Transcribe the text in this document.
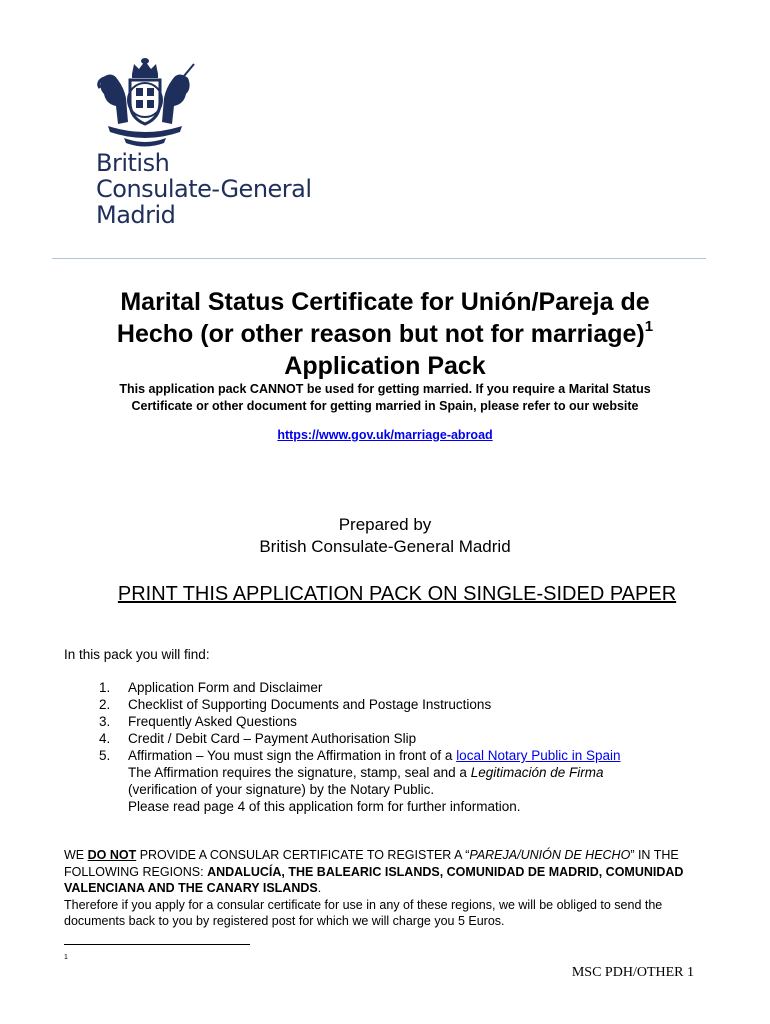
British
Consulate-General
Madrid
Marital Status Certificate for Unión/Pareja de
Hecho (or other reason but not for marriage)$^1$
Application Pack
This application pack CANNOT be used for getting married. If you require a Marital Status
Certificate or other document for getting married in Spain, please refer to our website
https://www.gov.uk/marriage-abroad
Prepared by
British Consulate-General Madrid
PRINT THIS APPLICATION PACK ON SINGLE-SIDED PAPER
In this pack you will find:
1. Application Form and Disclaimer
2. Checklist of Supporting Documents and Postage Instructions
3. Frequently Asked Questions
4. Credit / Debit Card – Payment Authorisation Slip
5. Affirmation – You must sign the Affirmation in front of a local Notary Public in Spain
The Affirmation requires the signature, stamp, seal and a Legitimación de Firma
(verification of your signature) by the Notary Public.
Please read page 4 of this application form for further information.
WE DO NOT PROVIDE A CONSULAR CERTIFICATE TO REGISTER A “PAREJA/UNIÓN DE HECHO” IN THE FOLLOWING REGIONS: ANDALUCÍA, THE BALEARIC ISLANDS, COMUNIDAD DE MADRID, COMUNIDAD VALENCIANA AND THE CANARY ISLANDS.
Therefore if you apply for a consular certificate for use in any of these regions, we will be obliged to send the documents back to you by registered post for which we will charge you 5 Euros.
1
MSC PDH/OTHER 1
